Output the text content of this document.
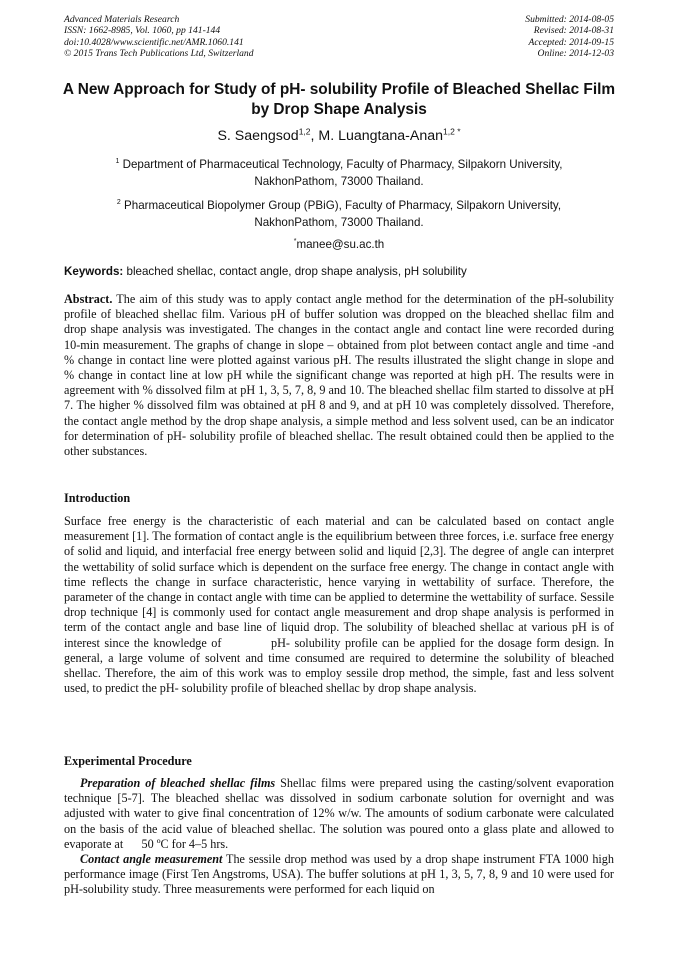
Advanced Materials Research
ISSN: 1662-8985, Vol. 1060, pp 141-144
doi:10.4028/www.scientific.net/AMR.1060.141
© 2015 Trans Tech Publications Ltd, Switzerland
Submitted: 2014-08-05
Revised: 2014-08-31
Accepted: 2014-09-15
Online: 2014-12-03
A New Approach for Study of pH- solubility Profile of Bleached Shellac Film by Drop Shape Analysis
S. Saengsod$^{1,2}$, M. Luangtana-Anan$^{1,2 *}$
$^1$ Department of Pharmaceutical Technology, Faculty of Pharmacy, Silpakorn University, NakhonPathom, 73000 Thailand.
$^2$ Pharmaceutical Biopolymer Group (PBiG), Faculty of Pharmacy, Silpakorn University, NakhonPathom, 73000 Thailand.
*manee@su.ac.th
Keywords: bleached shellac, contact angle, drop shape analysis, pH solubility
Abstract. The aim of this study was to apply contact angle method for the determination of the pH-solubility profile of bleached shellac film. Various pH of buffer solution was dropped on the bleached shellac film and drop shape analysis was investigated. The changes in the contact angle and contact line were recorded during 10-min measurement. The graphs of change in slope – obtained from plot between contact angle and time -and % change in contact line were plotted against various pH. The results illustrated the slight change in slope and % change in contact line at low pH while the significant change was reported at high pH. The results were in agreement with % dissolved film at pH 1, 3, 5, 7, 8, 9 and 10. The bleached shellac film started to dissolve at pH 7. The higher % dissolved film was obtained at pH 8 and 9, and at pH 10 was completely dissolved. Therefore, the contact angle method by the drop shape analysis, a simple method and less solvent used, can be an indicator for determination of pH- solubility profile of bleached shellac. The result obtained could then be applied to the other substances.
Introduction
Surface free energy is the characteristic of each material and can be calculated based on contact angle measurement [1]. The formation of contact angle is the equilibrium between three forces, i.e. surface free energy of solid and liquid, and interfacial free energy between solid and liquid [2,3]. The degree of angle can interpret the wettability of solid surface which is dependent on the surface free energy. The change in contact angle with time reflects the change in surface characteristic, hence varying in wettability of surface. Therefore, the parameter of the change in contact angle with time can be applied to determine the wettability of surface. Sessile drop technique [4] is commonly used for contact angle measurement and drop shape analysis is performed in term of the contact angle and base line of liquid drop. The solubility of bleached shellac at various pH is of interest since the knowledge of           pH- solubility profile can be applied for the dosage form design. In general, a large volume of solvent and time consumed are required to determine the solubility of bleached shellac. Therefore, the aim of this work was to employ sessile drop method, the simple, fast and less solvent used, to predict the pH- solubility profile of bleached shellac by drop shape analysis.
Experimental Procedure

Preparation of bleached shellac films Shellac films were prepared using the casting/solvent evaporation technique [5-7]. The bleached shellac was dissolved in sodium carbonate solution for overnight and was adjusted with water to give final concentration of 12% w/w. The amounts of sodium carbonate were calculated on the basis of the acid value of bleached shellac. The solution was poured onto a glass plate and allowed to evaporate at      50 ºC for 4–5 hrs.

Contact angle measurement The sessile drop method was used by a drop shape instrument FTA 1000 high performance image (First Ten Angstroms, USA). The buffer solutions at pH 1, 3, 5, 7, 8, 9 and 10 were used for pH-solubility study. Three measurements were performed for each liquid on
